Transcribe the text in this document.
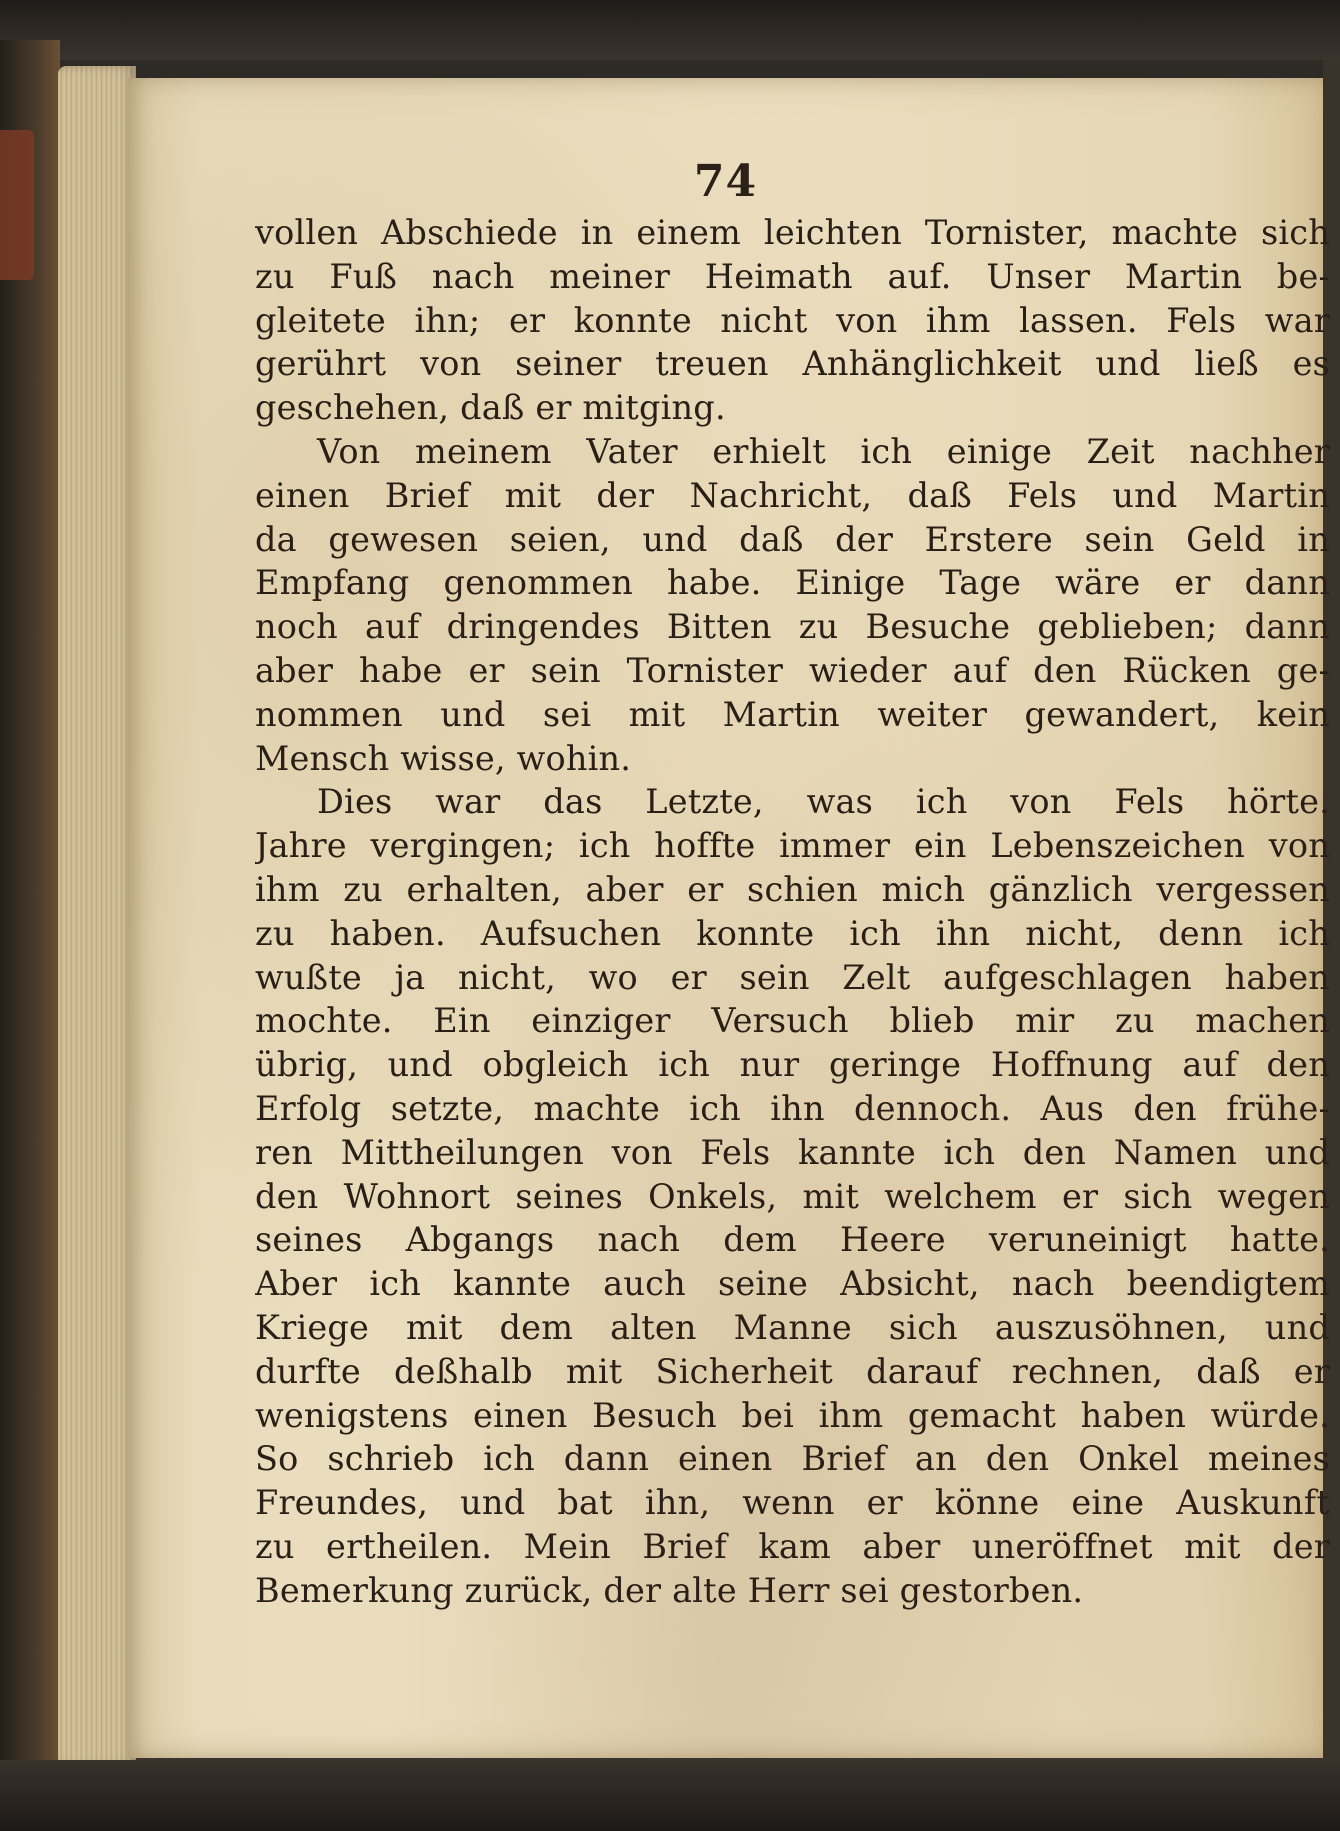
74
vollen Abschiede in einem leichten Tornister, machte sich
zu Fuß nach meiner Heimath auf. Unser Martin be-
gleitete ihn; er konnte nicht von ihm lassen. Fels war
gerührt von seiner treuen Anhänglichkeit und ließ es
geschehen, daß er mitging.
Von meinem Vater erhielt ich einige Zeit nachher
einen Brief mit der Nachricht, daß Fels und Martin
da gewesen seien, und daß der Erstere sein Geld in
Empfang genommen habe. Einige Tage wäre er dann
noch auf dringendes Bitten zu Besuche geblieben; dann
aber habe er sein Tornister wieder auf den Rücken ge-
nommen und sei mit Martin weiter gewandert, kein
Mensch wisse, wohin.
Dies war das Letzte, was ich von Fels hörte.
Jahre vergingen; ich hoffte immer ein Lebenszeichen von
ihm zu erhalten, aber er schien mich gänzlich vergessen
zu haben. Aufsuchen konnte ich ihn nicht, denn ich
wußte ja nicht, wo er sein Zelt aufgeschlagen haben
mochte. Ein einziger Versuch blieb mir zu machen
übrig, und obgleich ich nur geringe Hoffnung auf den
Erfolg setzte, machte ich ihn dennoch. Aus den frühe-
ren Mittheilungen von Fels kannte ich den Namen und
den Wohnort seines Onkels, mit welchem er sich wegen
seines Abgangs nach dem Heere veruneinigt hatte.
Aber ich kannte auch seine Absicht, nach beendigtem
Kriege mit dem alten Manne sich auszusöhnen, und
durfte deßhalb mit Sicherheit darauf rechnen, daß er
wenigstens einen Besuch bei ihm gemacht haben würde.
So schrieb ich dann einen Brief an den Onkel meines
Freundes, und bat ihn, wenn er könne eine Auskunft
zu ertheilen. Mein Brief kam aber uneröffnet mit der
Bemerkung zurück, der alte Herr sei gestorben.
